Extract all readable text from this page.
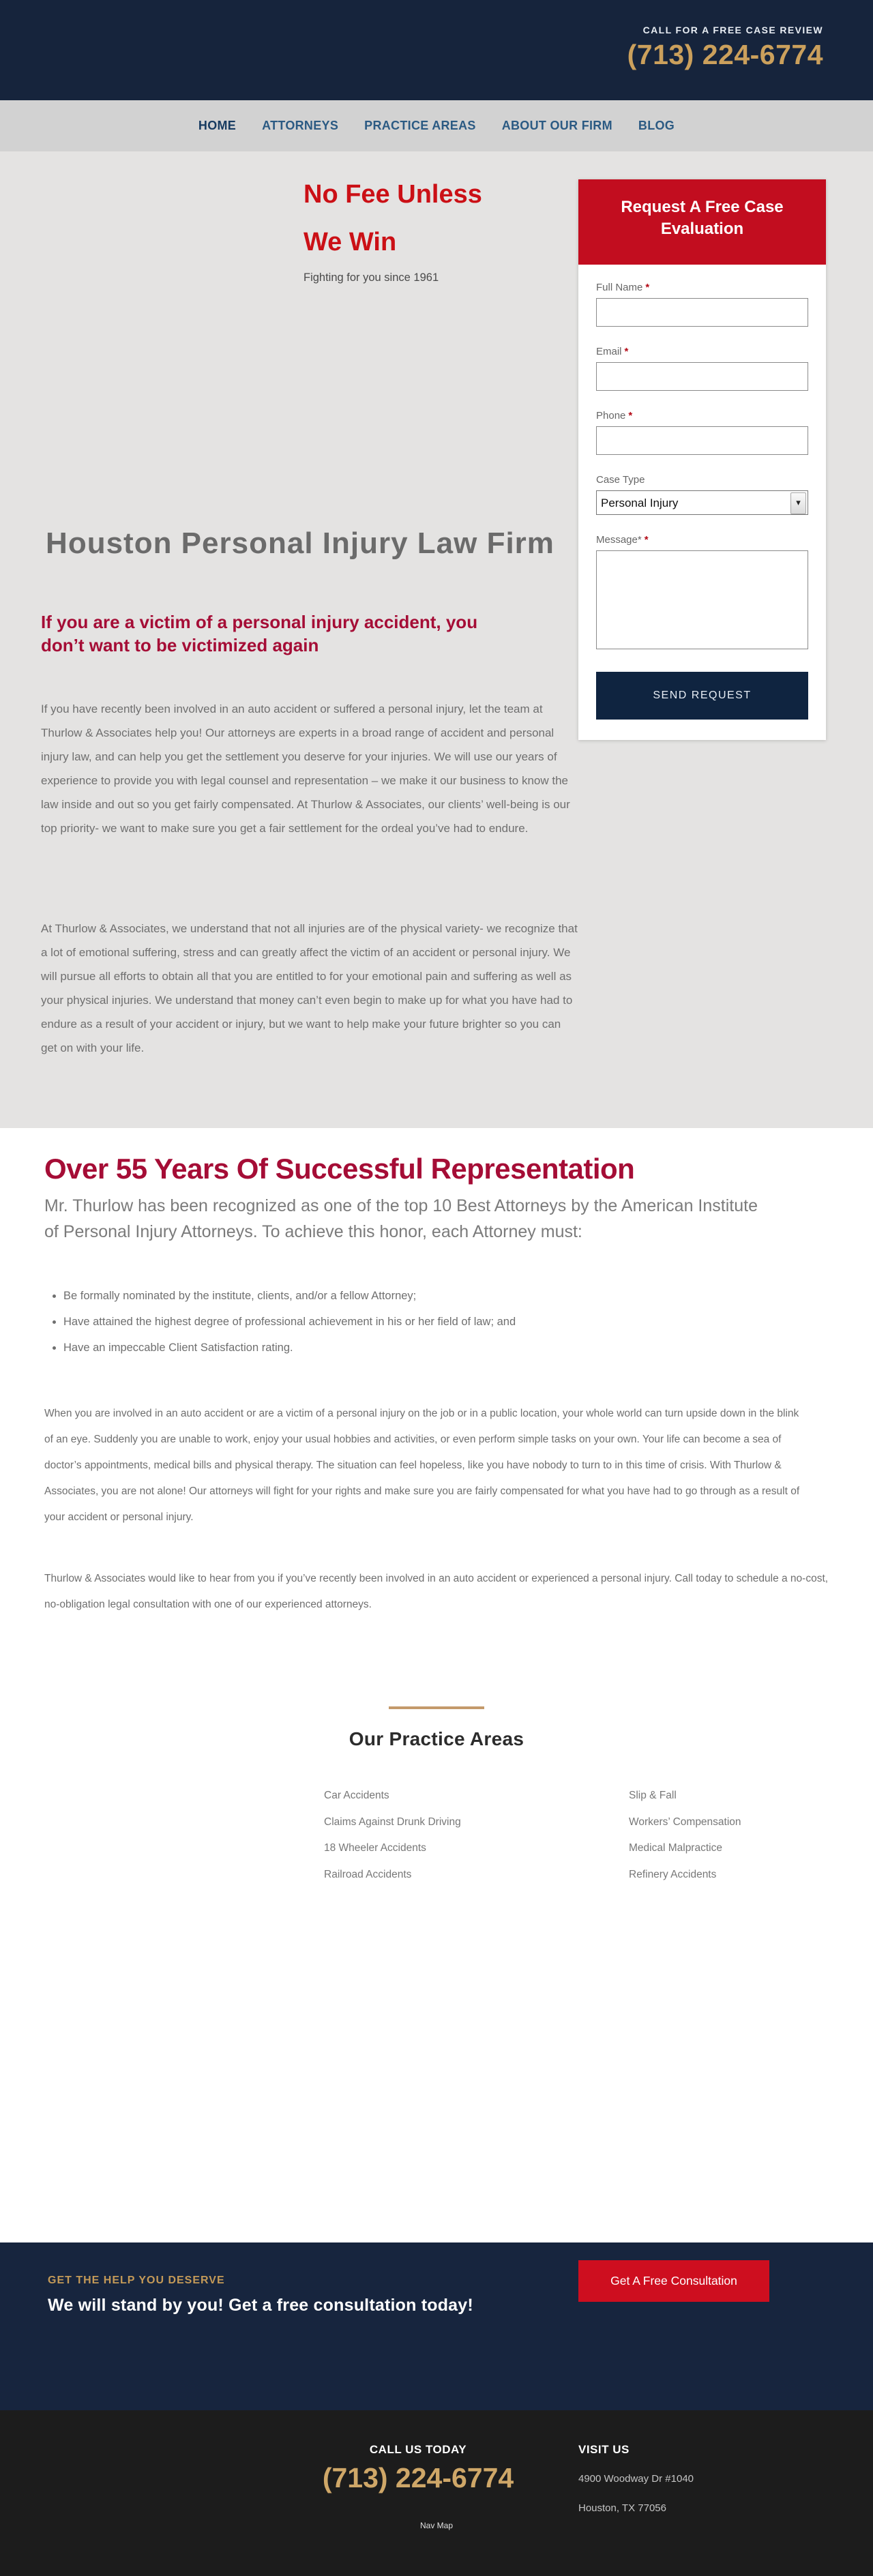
CALL FOR A FREE CASE REVIEW
(713) 224-6774
HOME ATTORNEYS PRACTICE AREAS ABOUT OUR FIRM BLOG
No Fee Unless
We Win
Fighting for you since 1961
Houston Personal Injury Law Firm
If you are a victim of a personal injury accident, you don’t want to be victimized again

If you have recently been involved in an auto accident or suffered a personal injury, let the team at Thurlow & Associates help you! Our attorneys are experts in a broad range of accident and personal injury law, and can help you get the settlement you deserve for your injuries. We will use our years of experience to provide you with legal counsel and representation – we make it our business to know the law inside and out so you get fairly compensated. At Thurlow & Associates, our clients’ well-being is our top priority- we want to make sure you get a fair settlement for the ordeal you’ve had to endure.

At Thurlow & Associates, we understand that not all injuries are of the physical variety- we recognize that a lot of emotional suffering, stress and can greatly affect the victim of an accident or personal injury. We will pursue all efforts to obtain all that you are entitled to for your emotional pain and suffering as well as your physical injuries. We understand that money can’t even begin to make up for what you have had to endure as a result of your accident or injury, but we want to help make your future brighter so you can get on with your life.

Request A Free Case Evaluation
Full Name *
Email *
Phone *
Case Type
Personal Injury ▾
Message* *
SEND REQUEST
Over 55 Years Of Successful Representation

Mr. Thurlow has been recognized as one of the top 10 Best Attorneys by the American Institute of Personal Injury Attorneys. To achieve this honor, each Attorney must:

• Be formally nominated by the institute, clients, and/or a fellow Attorney;
• Have attained the highest degree of professional achievement in his or her field of law; and
• Have an impeccable Client Satisfaction rating.

When you are involved in an auto accident or are a victim of a personal injury on the job or in a public location, your whole world can turn upside down in the blink of an eye. Suddenly you are unable to work, enjoy your usual hobbies and activities, or even perform simple tasks on your own. Your life can become a sea of doctor’s appointments, medical bills and physical therapy. The situation can feel hopeless, like you have nobody to turn to in this time of crisis. With Thurlow & Associates, you are not alone! Our attorneys will fight for your rights and make sure you are fairly compensated for what you have had to go through as a result of your accident or personal injury.

Thurlow & Associates would like to hear from you if you’ve recently been involved in an auto accident or experienced a personal injury. Call today to schedule a no-cost, no-obligation legal consultation with one of our experienced attorneys.

Our Practice Areas
Car Accidents
Claims Against Drunk Driving
18 Wheeler Accidents
Railroad Accidents
Slip & Fall
Workers’ Compensation
Medical Malpractice
Refinery Accidents
GET THE HELP YOU DESERVE
We will stand by you! Get a free consultation today!
Get A Free Consultation
CALL US TODAY
(713) 224-6774
VISIT US
4900 Woodway Dr #1040
Houston, TX 77056
Nav Map
